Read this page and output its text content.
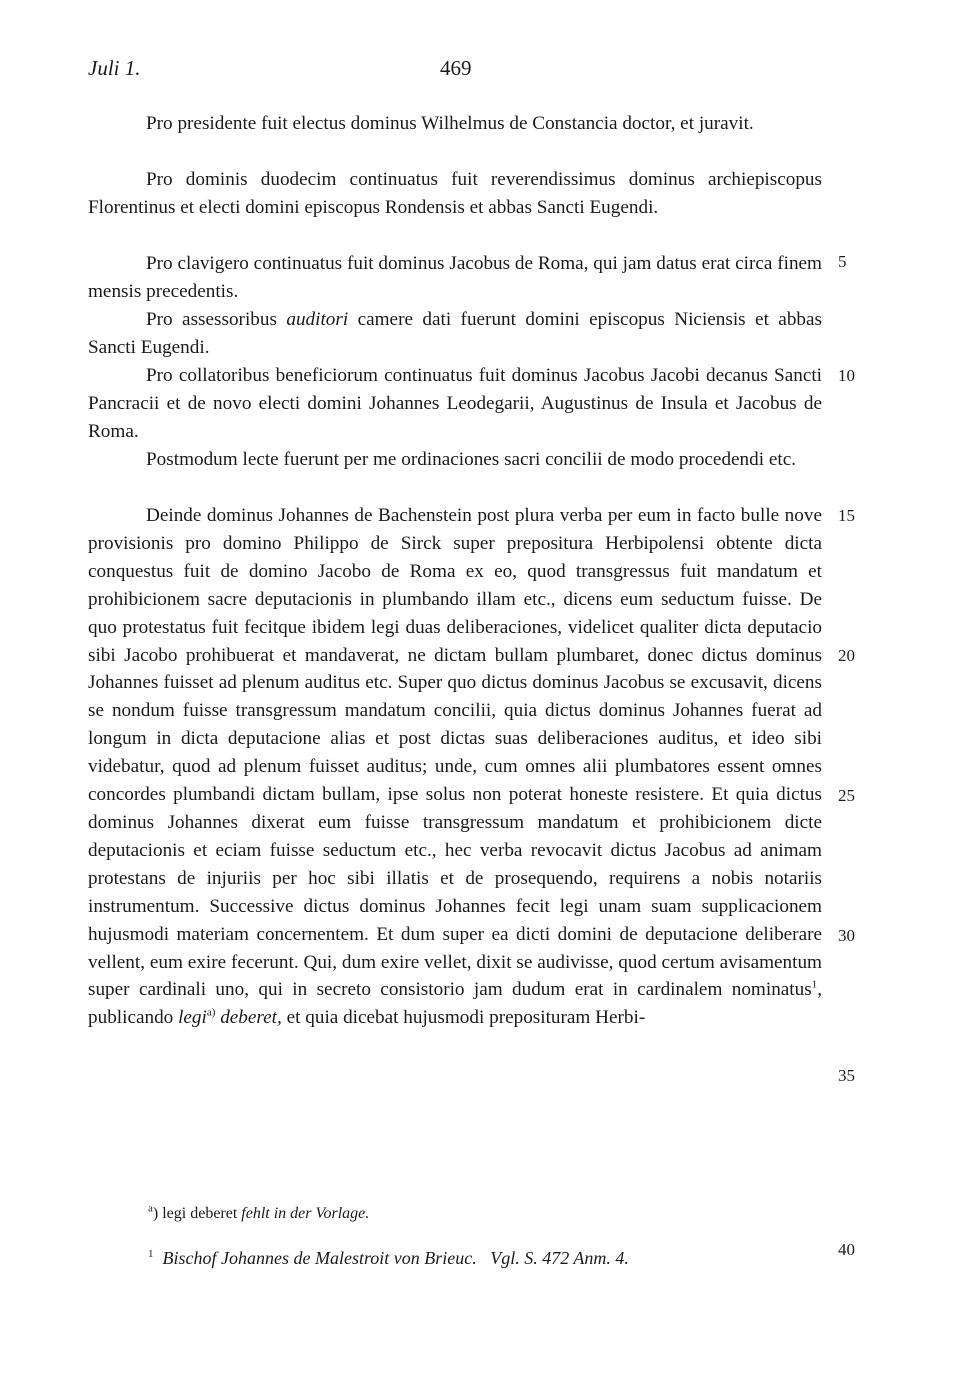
Juli 1.	469
Pro presidente fuit electus dominus Wilhelmus de Constancia doctor, et juravit.
Pro dominis duodecim continuatus fuit reverendissimus dominus archiepiscopus Florentinus et electi domini episcopus Rondensis et abbas Sancti Eugendi.
Pro clavigero continuatus fuit dominus Jacobus de Roma, qui jam datus erat circa finem mensis precedentis.
Pro assessoribus auditori camere dati fuerunt domini episcopus Niciensis et abbas Sancti Eugendi.
Pro collatoribus beneficiorum continuatus fuit dominus Jacobus Jacobi decanus Sancti Pancracii et de novo electi domini Johannes Leodegarii, Augustinus de Insula et Jacobus de Roma.
Postmodum lecte fuerunt per me ordinaciones sacri concilii de modo procedendi etc.
Deinde dominus Johannes de Bachenstein post plura verba per eum in facto bulle nove provisionis pro domino Philippo de Sirck super prepositura Herbipolensi obtente dicta conquestus fuit de domino Jacobo de Roma ex eo, quod transgressus fuit mandatum et prohibicionem sacre deputacionis in plumbando illam etc., dicens eum seductum fuisse. De quo protestatus fuit fecitque ibidem legi duas deliberaciones, videlicet qualiter dicta deputacio sibi Jacobo prohibuerat et mandaverat, ne dictam bullam plumbaret, donec dictus dominus Johannes fuisset ad plenum auditus etc. Super quo dictus dominus Jacobus se excusavit, dicens se nondum fuisse transgressum mandatum concilii, quia dictus dominus Johannes fuerat ad longum in dicta deputacione alias et post dictas suas deliberaciones auditus, et ideo sibi videbatur, quod ad plenum fuisset auditus; unde, cum omnes alii plumbatores essent omnes concordes plumbandi dictam bullam, ipse solus non poterat honeste resistere. Et quia dictus dominus Johannes dixerat eum fuisse transgressum mandatum et prohibicionem dicte deputacionis et eciam fuisse seductum etc., hec verba revocavit dictus Jacobus ad animam protestans de injuriis per hoc sibi illatis et de prosequendo, requirens a nobis notariis instrumentum. Successive dictus dominus Johannes fecit legi unam suam supplicacionem hujusmodi materiam concernentem. Et dum super ea dicti domini de deputacione deliberare vellent, eum exire fecerunt. Qui, dum exire vellet, dixit se audivisse, quod certum avisamentum super cardinali uno, qui in secreto consistorio jam dudum erat in cardinalem nominatus$^1$, publicando legi$^{a)}$ deberet, et quia dicebat hujusmodi preposituram Herbi-
5
10
15
20
25
30
35
40
$^a$) legi deberet fehlt in der Vorlage.
$^1$ Bischof Johannes de Malestroit von Brieuc. Vgl. S. 472 Anm. 4.
